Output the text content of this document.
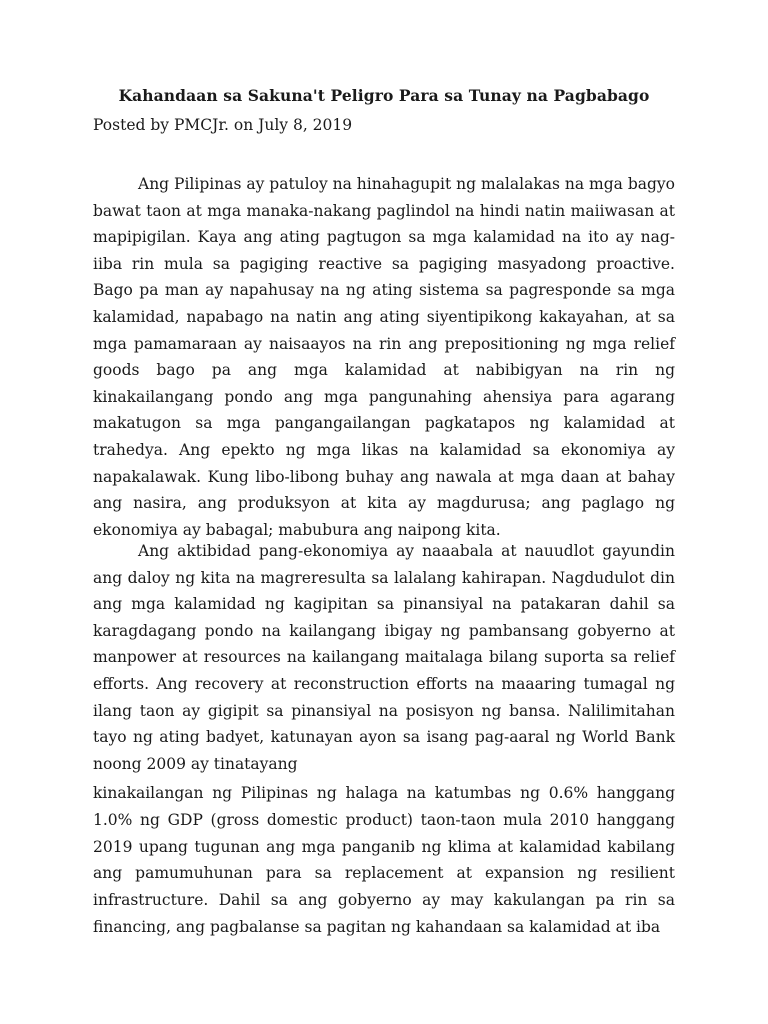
Kahandaan sa Sakuna't Peligro Para sa Tunay na Pagbabago
Posted by PMCJr. on July 8, 2019

Ang Pilipinas ay patuloy na hinahagupit ng malalakas na mga bagyo bawat taon at mga manaka-nakang paglindol na hindi natin maiiwasan at mapipigilan. Kaya ang ating pagtugon sa mga kalamidad na ito ay nag-iiba rin mula sa pagiging reactive sa pagiging masyadong proactive. Bago pa man ay napahusay na ng ating sistema sa pagresponde sa mga kalamidad, napabago na natin ang ating siyentipikong kakayahan, at sa mga pamamaraan ay naisaayos na rin ang prepositioning ng mga relief goods bago pa ang mga kalamidad at nabibigyan na rin ng kinakailangang pondo ang mga pangunahing ahensiya para agarang makatugon sa mga pangangailangan pagkatapos ng kalamidad at trahedya. Ang epekto ng mga likas na kalamidad sa ekonomiya ay napakalawak. Kung libo-libong buhay ang nawala at mga daan at bahay ang nasira, ang produksyon at kita ay magdurusa; ang paglago ng ekonomiya ay babagal; mabubura ang naipong kita.

Ang aktibidad pang-ekonomiya ay naaabala at nauudlot gayundin ang daloy ng kita na magreresulta sa lalalang kahirapan. Nagdudulot din ang mga kalamidad ng kagipitan sa pinansiyal na patakaran dahil sa karagdagang pondo na kailangang ibigay ng pambansang gobyerno at manpower at resources na kailangang maitalaga bilang suporta sa relief efforts. Ang recovery at reconstruction efforts na maaaring tumagal ng ilang taon ay gigipit sa pinansiyal na posisyon ng bansa. Nalilimitahan tayo ng ating badyet, katunayan ayon sa isang pag-aaral ng World Bank noong 2009 ay tinatayang

kinakailangan ng Pilipinas ng halaga na katumbas ng 0.6% hanggang 1.0% ng GDP (gross domestic product) taon-taon mula 2010 hanggang 2019 upang tugunan ang mga panganib ng klima at kalamidad kabilang ang pamumuhunan para sa replacement at expansion ng resilient infrastructure. Dahil sa ang gobyerno ay may kakulangan pa rin sa financing, ang pagbalanse sa pagitan ng kahandaan sa kalamidad at iba
